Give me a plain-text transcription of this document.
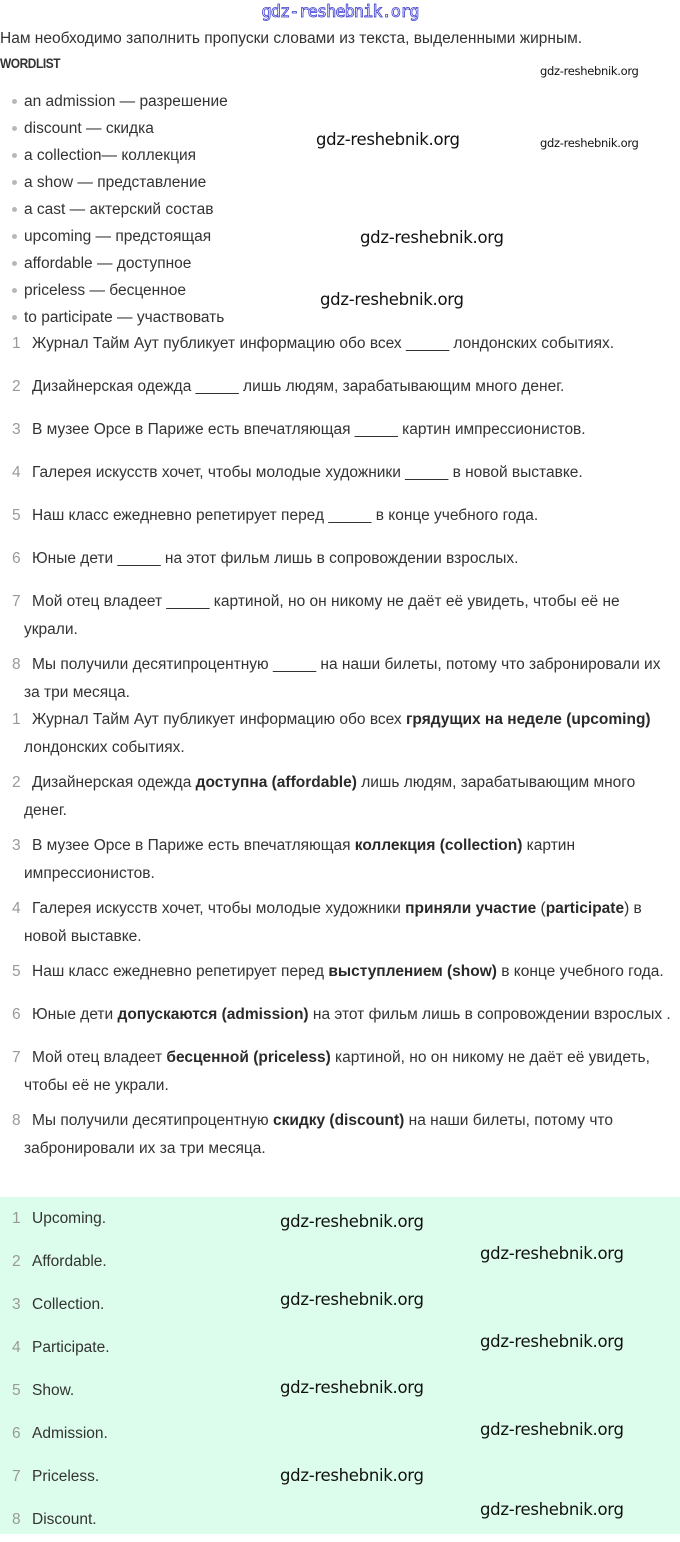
gdz-reshebnik.org
Нам необходимо заполнить пропуски словами из текста, выделенными жирным.
WORDLIST
an admission — разрешение
discount — скидка
a collection— коллекция
a show — представление
a cast — актерский состав
upcoming — предстоящая
affordable — доступное
priceless — бесценное
to participate — участвовать
1 Журнал Тайм Аут публикует информацию обо всех _____ лондонских событиях.
2 Дизайнерская одежда _____ лишь людям, зарабатывающим много денег.
3 В музее Орсе в Париже есть впечатляющая _____ картин импрессионистов.
4 Галерея искусств хочет, чтобы молодые художники _____ в новой выставке.
5 Наш класс ежедневно репетирует перед _____ в конце учебного года.
6 Юные дети _____ на этот фильм лишь в сопровождении взрослых.
7 Мой отец владеет _____ картиной, но он никому не даёт её увидеть, чтобы её не украли.
8 Мы получили десятипроцентную _____ на наши билеты, потому что забронировали их за три месяца.
1 Журнал Тайм Аут публикует информацию обо всех грядущих на неделе (upcoming) лондонских событиях.
2 Дизайнерская одежда доступна (affordable) лишь людям, зарабатывающим много денег.
3 В музее Орсе в Париже есть впечатляющая коллекция (collection) картин импрессионистов.
4 Галерея искусств хочет, чтобы молодые художники приняли участие (participate) в новой выставке.
5 Наш класс ежедневно репетирует перед выступлением (show) в конце учебного года.
6 Юные дети допускаются (admission) на этот фильм лишь в сопровождении взрослых .
7 Мой отец владеет бесценной (priceless) картиной, но он никому не даёт её увидеть, чтобы её не украли.
8 Мы получили десятипроцентную скидку (discount) на наши билеты, потому что забронировали их за три месяца.
1 Upcoming.
2 Affordable.
3 Collection.
4 Participate.
5 Show.
6 Admission.
7 Priceless.
8 Discount.
gdz-reshebnik.org
gdz-reshebnik.org
gdz-reshebnik.org
gdz-reshebnik.org
gdz-reshebnik.org
gdz-reshebnik.org
gdz-reshebnik.org
gdz-reshebnik.org
gdz-reshebnik.org
gdz-reshebnik.org
gdz-reshebnik.org
gdz-reshebnik.org
gdz-reshebnik.org
